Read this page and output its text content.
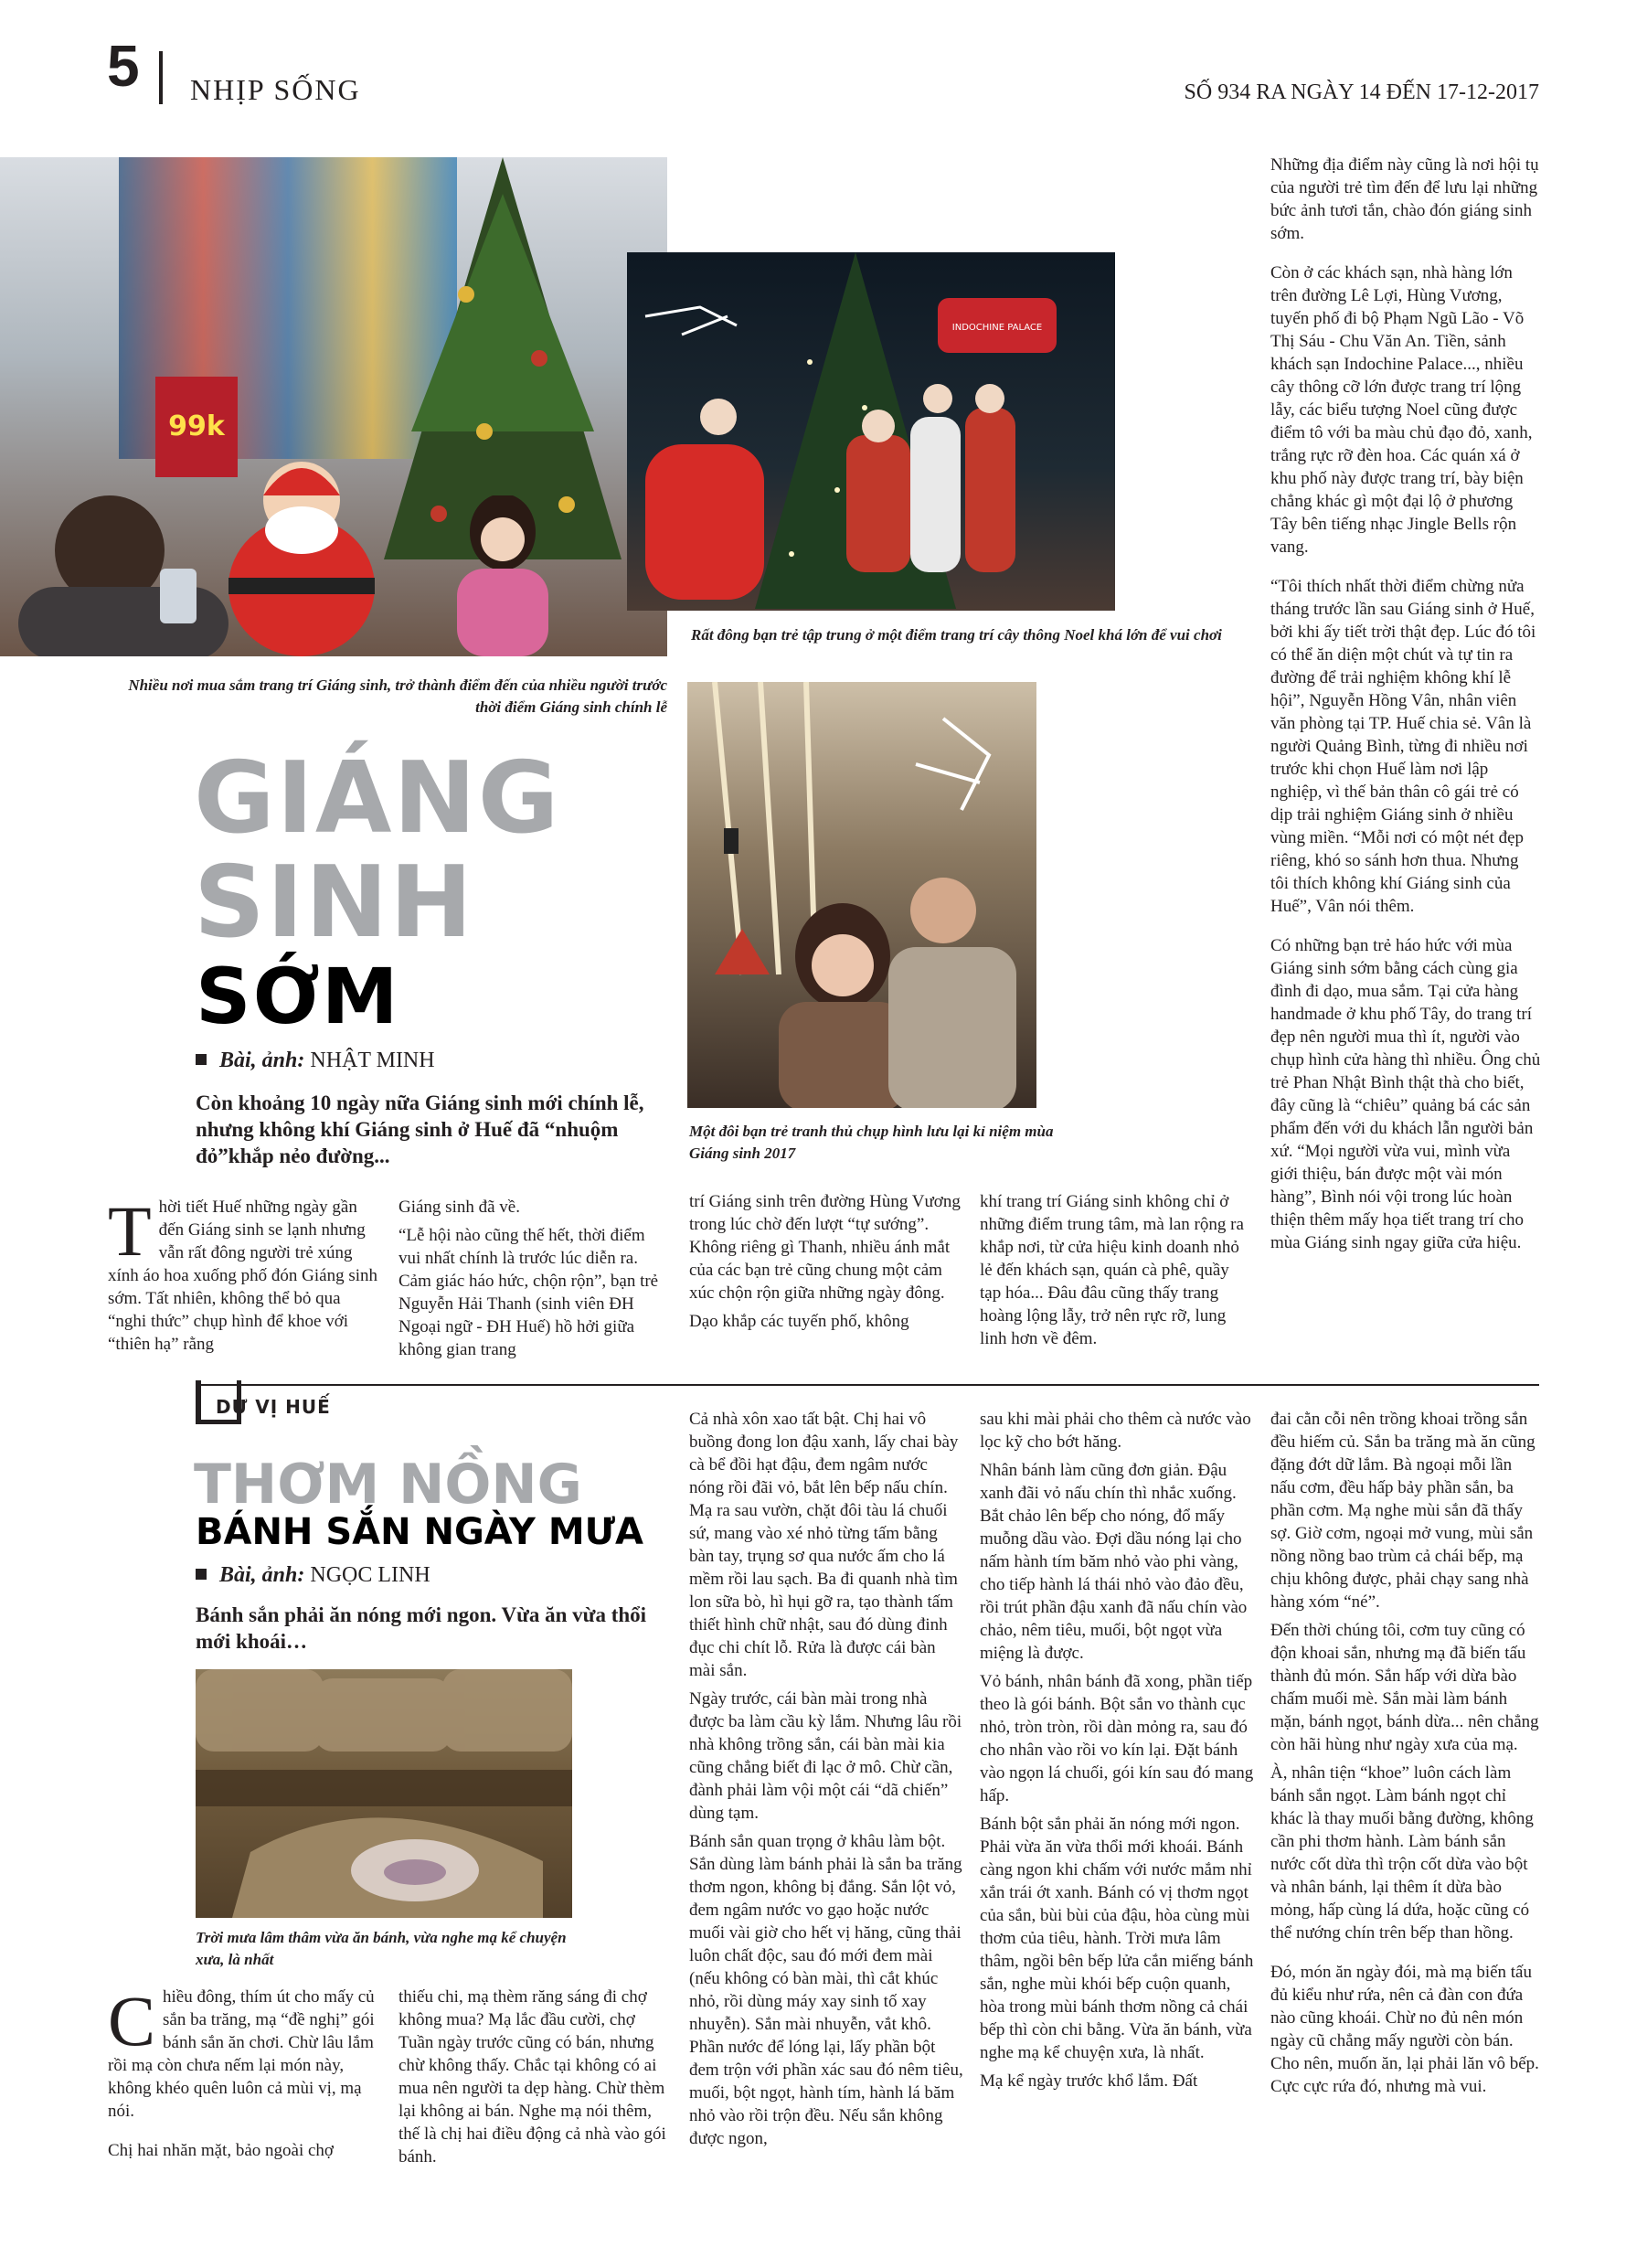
5 NHỊP SỐNG	SỐ 934 RA NGÀY 14 ĐẾN 17-12-2017
99k
Nhiều nơi mua sắm trang trí Giáng sinh, trở thành điểm đến của nhiều người trước thời điểm Giáng sinh chính lễ
INDOCHINE PALACE
Rất đông bạn trẻ tập trung ở một điểm trang trí cây thông Noel khá lớn để vui chơi
Một đôi bạn trẻ tranh thủ chụp hình lưu lại kỉ niệm mùa Giáng sinh 2017
GIÁNG
SINH
SỚM
Bài, ảnh: NHẬT MINH
Còn khoảng 10 ngày nữa Giáng sinh mới chính lễ, nhưng không khí Giáng sinh ở Huế đã “nhuộm đỏ”khắp nẻo đường...
T hời tiết Huế những ngày gần đến Giáng sinh se lạnh nhưng vẫn rất đông người trẻ xúng xính áo hoa xuống phố đón Giáng sinh sớm. Tất nhiên, không thể bỏ qua “nghi thức” chụp hình để khoe với “thiên hạ” rằng

Giáng sinh đã về.

“Lễ hội nào cũng thế hết, thời điểm vui nhất chính là trước lúc diễn ra. Cảm giác háo hức, chộn rộn”, bạn trẻ Nguyễn Hải Thanh (sinh viên ĐH Ngoại ngữ - ĐH Huế) hồ hởi giữa không gian trang

trí Giáng sinh trên đường Hùng Vương trong lúc chờ đến lượt “tự sướng”. Không riêng gì Thanh, nhiều ánh mắt của các bạn trẻ cũng chung một cảm xúc chộn rộn giữa những ngày đông.

Dạo khắp các tuyến phố, không

khí trang trí Giáng sinh không chỉ ở những điểm trung tâm, mà lan rộng ra khắp nơi, từ cửa hiệu kinh doanh nhỏ lẻ đến khách sạn, quán cà phê, quầy tạp hóa... Đâu đâu cũng thấy trang hoàng lộng lẫy, trở nên rực rỡ, lung linh hơn về đêm.

Những địa điểm này cũng là nơi hội tụ của người trẻ tìm đến để lưu lại những bức ảnh tươi tắn, chào đón giáng sinh sớm.

Còn ở các khách sạn, nhà hàng lớn trên đường Lê Lợi, Hùng Vương, tuyến phố đi bộ Phạm Ngũ Lão - Võ Thị Sáu - Chu Văn An. Tiền, sảnh khách sạn Indochine Palace..., nhiều cây thông cỡ lớn được trang trí lộng lẫy, các biểu tượng Noel cũng được điểm tô với ba màu chủ đạo đỏ, xanh, trắng rực rỡ đèn hoa. Các quán xá ở khu phố này được trang trí, bày biện chẳng khác gì một đại lộ ở phương Tây bên tiếng nhạc Jingle Bells rộn vang.

“Tôi thích nhất thời điểm chừng nửa tháng trước lần sau Giáng sinh ở Huế, bởi khi ấy tiết trời thật đẹp. Lúc đó tôi có thể ăn diện một chút và tự tin ra đường để trải nghiệm không khí lễ hội”, Nguyễn Hồng Vân, nhân viên văn phòng tại TP. Huế chia sẻ. Vân là người Quảng Bình, từng đi nhiều nơi trước khi chọn Huế làm nơi lập nghiệp, vì thế bản thân cô gái trẻ có dịp trải nghiệm Giáng sinh ở nhiều vùng miền. “Mỗi nơi có một nét đẹp riêng, khó so sánh hơn thua. Nhưng tôi thích không khí Giáng sinh của Huế”, Vân nói thêm.

Có những bạn trẻ háo hức với mùa Giáng sinh sớm bằng cách cùng gia đình đi dạo, mua sắm. Tại cửa hàng handmade ở khu phố Tây, do trang trí đẹp nên người mua thì ít, người vào chụp hình cửa hàng thì nhiều. Ông chủ trẻ Phan Nhật Bình thật thà cho biết, đây cũng là “chiêu” quảng bá các sản phẩm đến với du khách lẫn người bản xứ. “Mọi người vừa vui, mình vừa giới thiệu, bán được một vài món hàng”, Bình nói vội trong lúc hoàn thiện thêm mấy họa tiết trang trí cho mùa Giáng sinh ngay giữa cửa hiệu.

DƯ VỊ HUẾ
THƠM NỒNG
BÁNH SẮN NGÀY MƯA
Bài, ảnh: NGỌC LINH
Bánh sắn phải ăn nóng mới ngon. Vừa ăn vừa thổi mới khoái…
Trời mưa lâm thâm vừa ăn bánh, vừa nghe mạ kể chuyện xưa, là nhất
C hiều đông, thím út cho mấy củ sắn ba trăng, mạ “đề nghị” gói bánh sắn ăn chơi. Chừ lâu lắm rồi mạ còn chưa nếm lại món này, không khéo quên luôn cả mùi vị, mạ nói.

Chị hai nhăn mặt, bảo ngoài chợ

thiếu chi, mạ thèm răng sáng đi chợ không mua? Mạ lắc đầu cười, chợ Tuần ngày trước cũng có bán, nhưng chừ không thấy. Chắc tại không có ai mua nên người ta dẹp hàng. Chừ thèm lại không ai bán. Nghe mạ nói thêm, thế là chị hai điều động cả nhà vào gói bánh.

Cả nhà xôn xao tất bật. Chị hai vô buồng đong lon đậu xanh, lấy chai bày cà bể đồi hạt đậu, đem ngâm nước nóng rồi đãi vỏ, bắt lên bếp nấu chín. Mạ ra sau vườn, chặt đôi tàu lá chuối sứ, mang vào xé nhỏ từng tấm bằng bàn tay, trụng sơ qua nước ấm cho lá mềm rồi lau sạch. Ba đi quanh nhà tìm lon sữa bò, hì hụi gỡ ra, tạo thành tấm thiết hình chữ nhật, sau đó dùng đinh đục chi chít lỗ. Rửa là được cái bàn mài sắn.

Ngày trước, cái bàn mài trong nhà được ba làm cầu kỳ lắm. Nhưng lâu rồi nhà không trồng sắn, cái bàn mài kia cũng chẳng biết đi lạc ở mô. Chừ cần, đành phải làm vội một cái “dã chiến” dùng tạm.

Bánh sắn quan trọng ở khâu làm bột. Sắn dùng làm bánh phải là sắn ba trăng thơm ngon, không bị đắng. Sắn lột vỏ, đem ngâm nước vo gạo hoặc nước muối vài giờ cho hết vị hăng, cũng thải luôn chất độc, sau đó mới đem mài (nếu không có bàn mài, thì cắt khúc nhỏ, rồi dùng máy xay sinh tố xay nhuyễn). Sắn mài nhuyễn, vắt khô. Phần nước để lóng lại, lấy phần bột đem trộn với phần xác sau đó nêm tiêu, muối, bột ngọt, hành tím, hành lá băm nhỏ vào rồi trộn đều. Nếu sắn không được ngon,

sau khi mài phải cho thêm cà nước vào lọc kỹ cho bớt hăng.

Nhân bánh làm cũng đơn giản. Đậu xanh đãi vỏ nấu chín thì nhắc xuống. Bắt chảo lên bếp cho nóng, đổ mấy muỗng dầu vào. Đợi dầu nóng lại cho nấm hành tím băm nhỏ vào phi vàng, cho tiếp hành lá thái nhỏ vào đảo đều, rồi trút phần đậu xanh đã nấu chín vào chảo, nêm tiêu, muối, bột ngọt vừa miệng là được.

Vỏ bánh, nhân bánh đã xong, phần tiếp theo là gói bánh. Bột sắn vo thành cục nhỏ, tròn tròn, rồi dàn mỏng ra, sau đó cho nhân vào rồi vo kín lại. Đặt bánh vào ngọn lá chuối, gói kín sau đó mang hấp.

Bánh bột sắn phải ăn nóng mới ngon. Phải vừa ăn vừa thổi mới khoái. Bánh càng ngon khi chấm với nước mắm nhỉ xắn trái ớt xanh. Bánh có vị thơm ngọt của sắn, bùi bùi của đậu, hòa cùng mùi thơm của tiêu, hành. Trời mưa lâm thâm, ngồi bên bếp lửa cắn miếng bánh sắn, nghe mùi khói bếp cuộn quanh, hòa trong mùi bánh thơm nồng cả chái bếp thì còn chi bằng. Vừa ăn bánh, vừa nghe mạ kể chuyện xưa, là nhất.

Mạ kể ngày trước khổ lắm. Đất

đai cằn cỗi nên trồng khoai trồng sắn đều hiếm củ. Sắn ba trăng mà ăn cũng đặng đớt dữ lắm. Bà ngoại mỗi lần nấu cơm, đều hấp bảy phần sắn, ba phần cơm. Mạ nghe mùi sắn đã thấy sợ. Giờ cơm, ngoại mở vung, mùi sắn nồng nồng bao trùm cả chái bếp, mạ chịu không được, phải chạy sang nhà hàng xóm “né”.

Đến thời chúng tôi, cơm tuy cũng có độn khoai sắn, nhưng mạ đã biến tấu thành đủ món. Sắn hấp với dừa bào chấm muối mè. Sắn mài làm bánh mặn, bánh ngọt, bánh dừa... nên chẳng còn hãi hùng như ngày xưa của mạ.

À, nhân tiện “khoe” luôn cách làm bánh sắn ngọt. Làm bánh ngọt chỉ khác là thay muối bằng đường, không cần phi thơm hành. Làm bánh sắn nước cốt dừa thì trộn cốt dừa vào bột và nhân bánh, lại thêm ít dừa bào mỏng, hấp cùng lá dứa, hoặc cũng có thể nướng chín trên bếp than hồng.

Đó, món ăn ngày đói, mà mạ biến tấu đủ kiểu như rứa, nên cả đàn con đứa nào cũng khoái. Chừ no đủ nên món ngày cũ chẳng mấy người còn bán. Cho nên, muốn ăn, lại phải lăn vô bếp. Cực cực rứa đó, nhưng mà vui.
